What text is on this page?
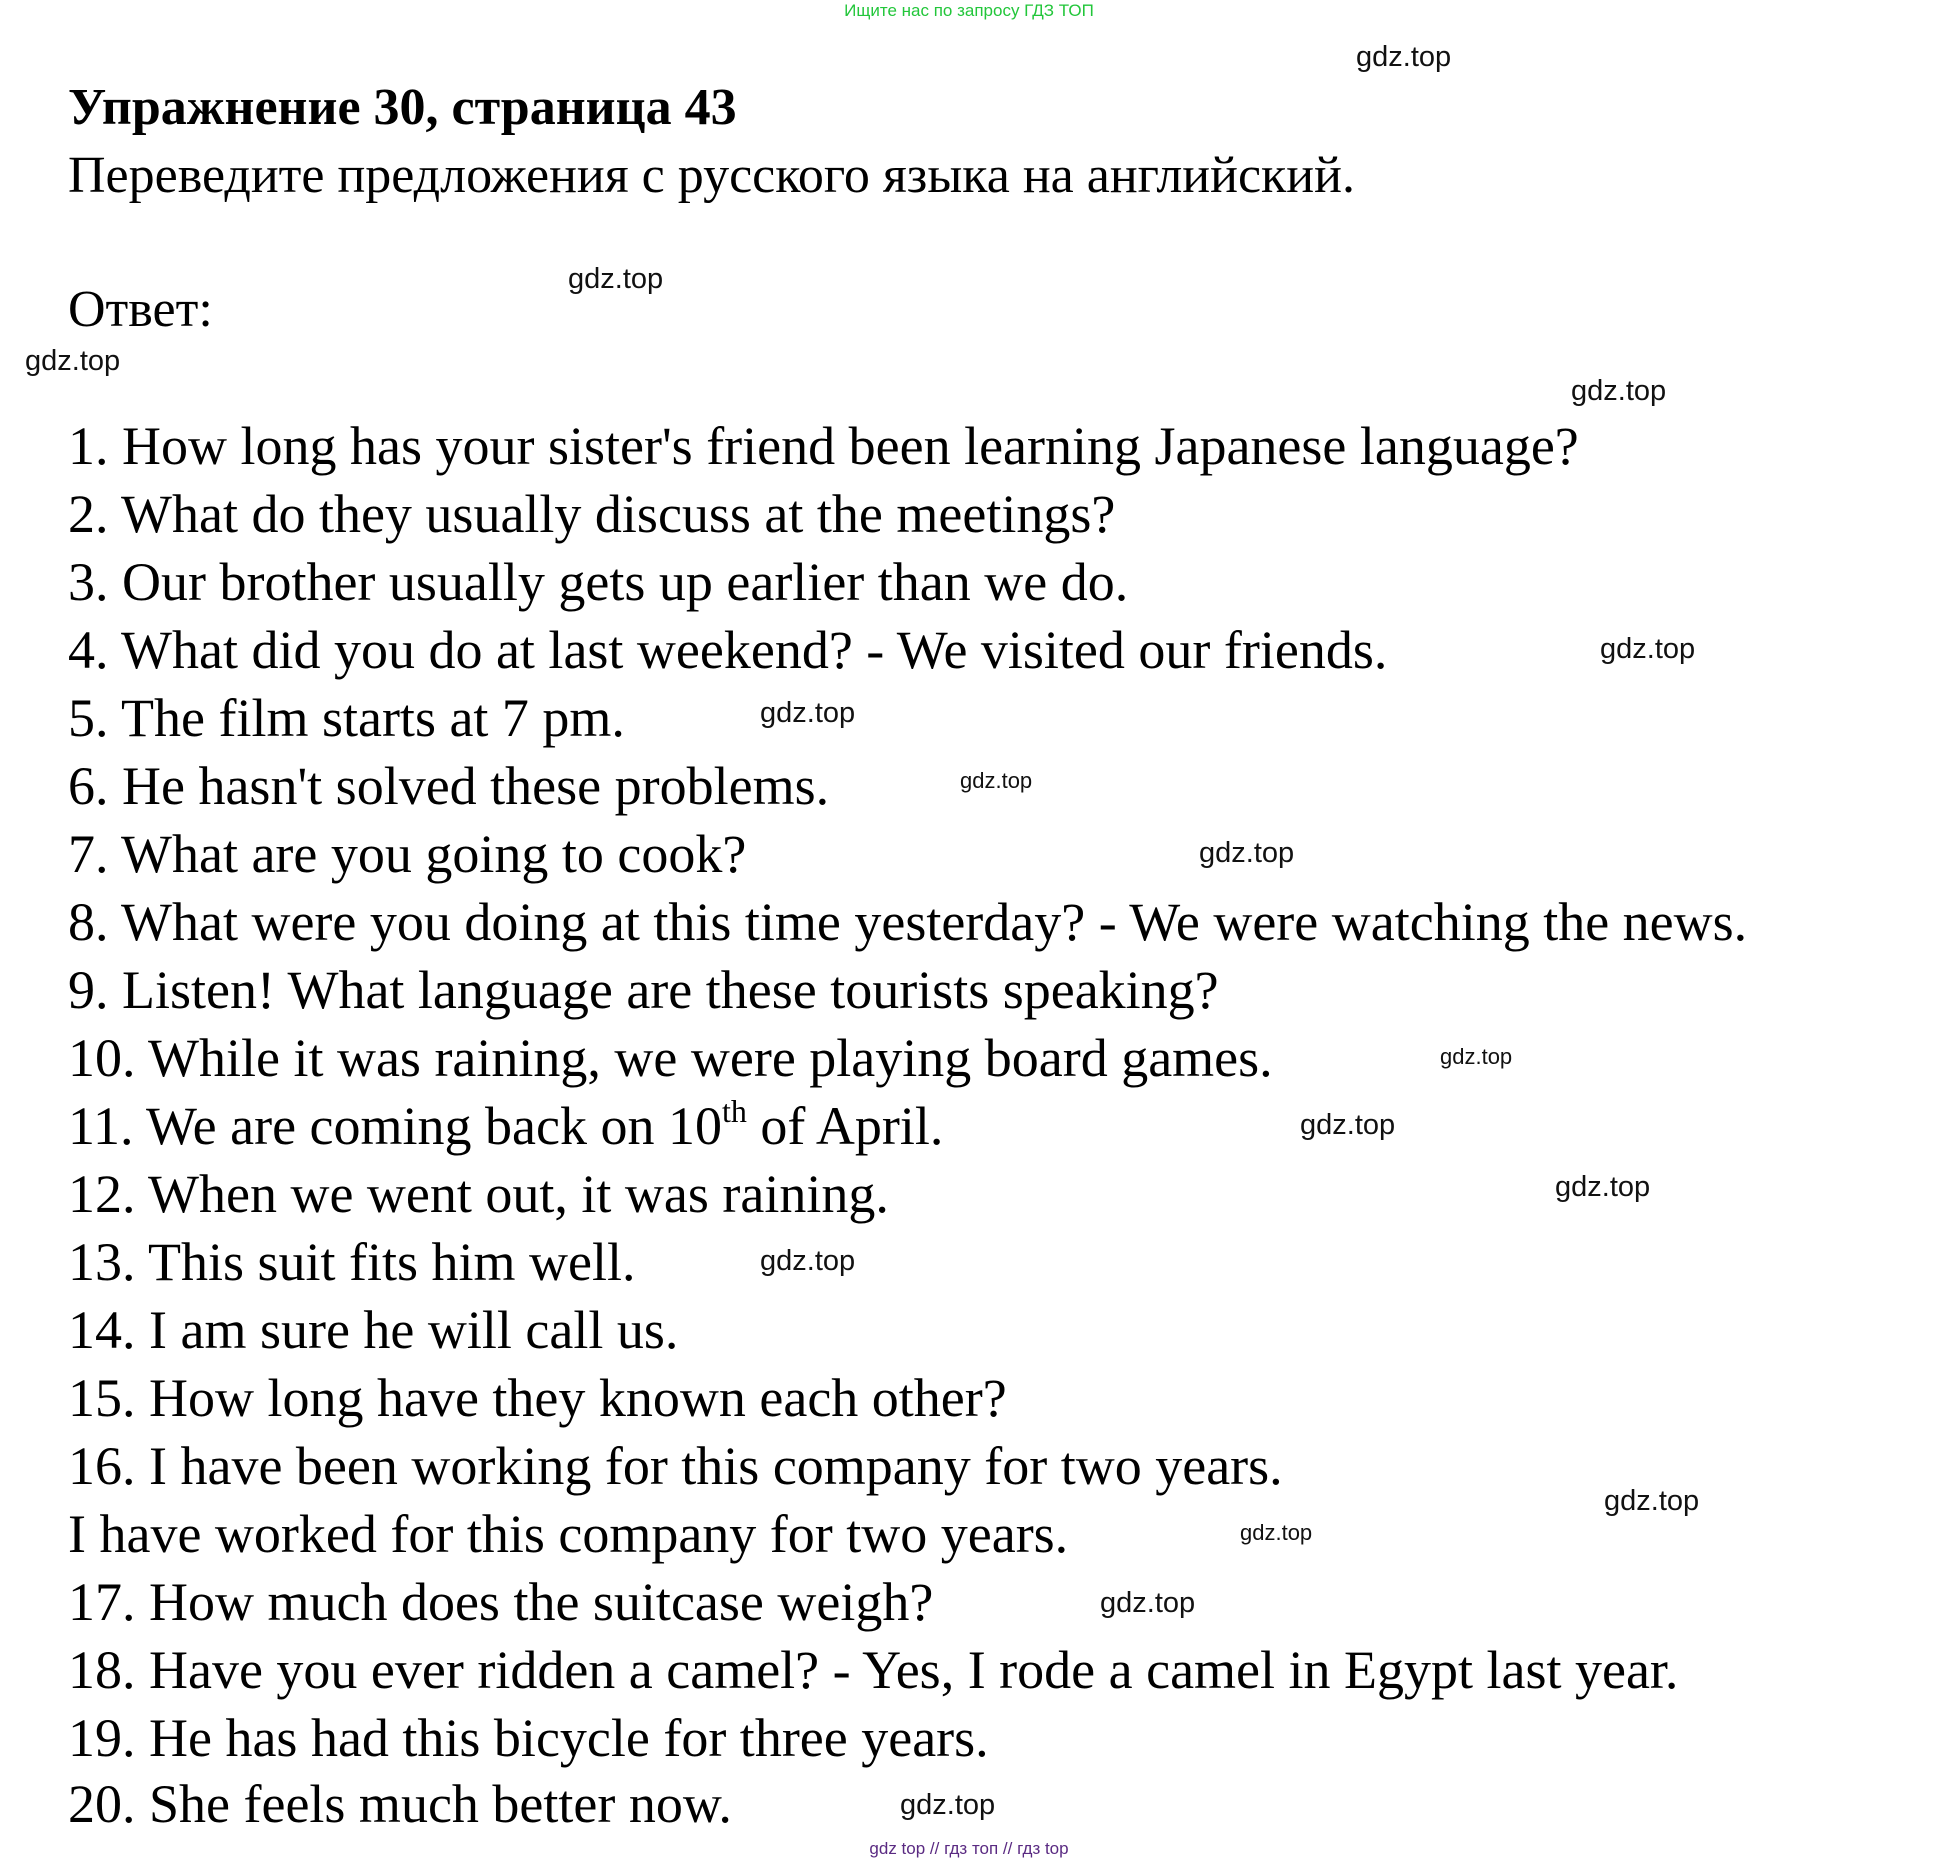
Ищите нас по запросу ГДЗ ТОП
Упражнение 30, страница 43
Переведите предложения с русского языка на английский.
Ответ:
1. How long has your sister's friend been learning Japanese language?
2. What do they usually discuss at the meetings?
3. Our brother usually gets up earlier than we do.
4. What did you do at last weekend? - We visited our friends.
5. The film starts at 7 pm.
6. He hasn't solved these problems.
7. What are you going to cook?
8. What were you doing at this time yesterday? - We were watching the news.
9. Listen! What language are these tourists speaking?
10. While it was raining, we were playing board games.
11. We are coming back on 10th of April.
12. When we went out, it was raining.
13. This suit fits him well.
14. I am sure he will call us.
15. How long have they known each other?
16. I have been working for this company for two years.
I have worked for this company for two years.
17. How much does the suitcase weigh?
18. Have you ever ridden a camel? - Yes, I rode a camel in Egypt last year.
19. He has had this bicycle for three years.
20. She feels much better now.
gdz.top
gdz.top
gdz.top
gdz.top
gdz.top
gdz.top
gdz.top
gdz.top
gdz.top
gdz.top
gdz.top
gdz.top
gdz.top
gdz.top
gdz.top
gdz.top
gdz top // гдз топ // гдз top
